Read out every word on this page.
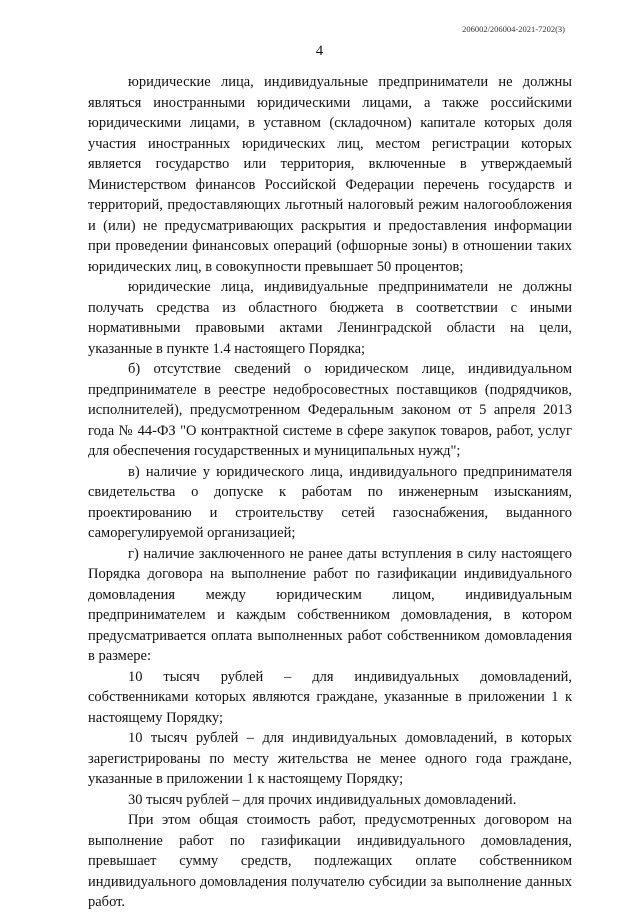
206002/206004-2021-7202(3)
4

юридические лица, индивидуальные предприниматели не должны являться иностранными юридическими лицами, а также российскими юридическими лицами, в уставном (складочном) капитале которых доля участия иностранных юридических лиц, местом регистрации которых является государство или территория, включенные в утверждаемый Министерством финансов Российской Федерации перечень государств и территорий, предоставляющих льготный налоговый режим налогообложения и (или) не предусматривающих раскрытия и предоставления информации при проведении финансовых операций (офшорные зоны) в отношении таких юридических лиц, в совокупности превышает 50 процентов;

юридические лица, индивидуальные предприниматели не должны получать средства из областного бюджета в соответствии с иными нормативными правовыми актами Ленинградской области на цели, указанные в пункте 1.4 настоящего Порядка;

б) отсутствие сведений о юридическом лице, индивидуальном предпринимателе в реестре недобросовестных поставщиков (подрядчиков, исполнителей), предусмотренном Федеральным законом от 5 апреля 2013 года № 44-ФЗ "О контрактной системе в сфере закупок товаров, работ, услуг для обеспечения государственных и муниципальных нужд";

в) наличие у юридического лица, индивидуального предпринимателя свидетельства о допуске к работам по инженерным изысканиям, проектированию и строительству сетей газоснабжения, выданного саморегулируемой организацией;

г) наличие заключенного не ранее даты вступления в силу настоящего Порядка договора на выполнение работ по газификации индивидуального домовладения между юридическим лицом, индивидуальным предпринимателем и каждым собственником домовладения, в котором предусматривается оплата выполненных работ собственником домовладения в размере:

10 тысяч рублей – для индивидуальных домовладений, собственниками которых являются граждане, указанные в приложении 1 к настоящему Порядку;

10 тысяч рублей – для индивидуальных домовладений, в которых зарегистрированы по месту жительства не менее одного года граждане, указанные в приложении 1 к настоящему Порядку;

30 тысяч рублей – для прочих индивидуальных домовладений.

При этом общая стоимость работ, предусмотренных договором на выполнение работ по газификации индивидуального домовладения, превышает сумму средств, подлежащих оплате собственником индивидуального домовладения получателю субсидии за выполнение данных работ.
